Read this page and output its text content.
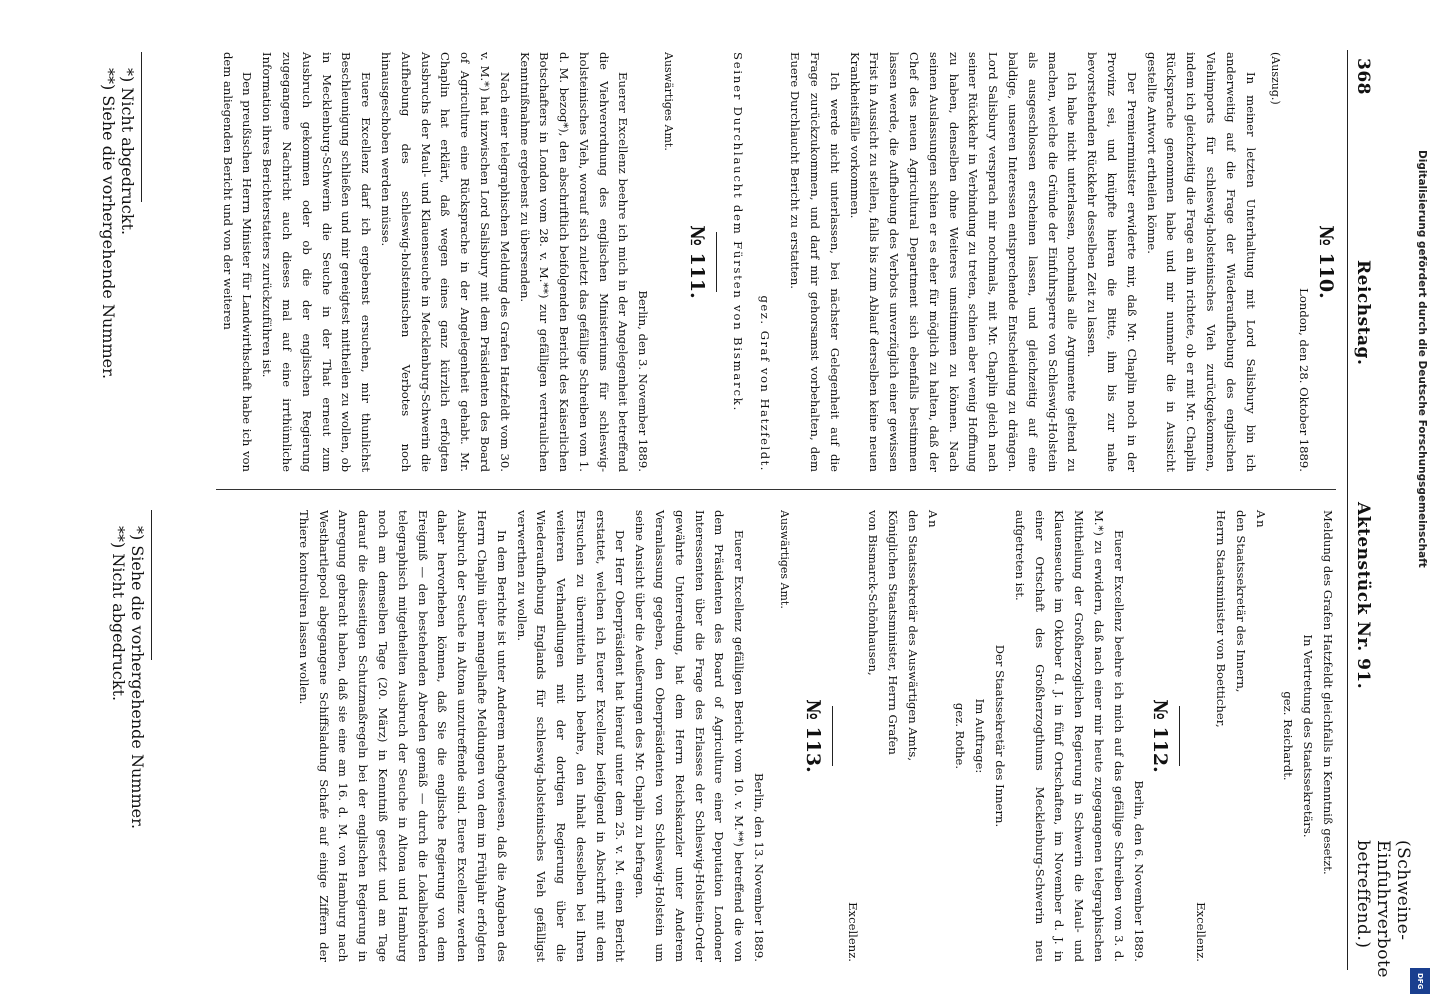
368
Reichstag.
Aktenstück Nr. 91.
(Schweine-Einfuhrverbote betreffend.)

№ 110.

London, den 28. Oktober 1889.

(Auszug.)

In meiner letzten Unterhaltung mit Lord Salisbury bin ich anderweitig auf die Frage der Wiederaufhebung des englischen Viehimports für schleswig-holsteinisches Vieh zurückgekommen, indem ich gleichzeitig die Frage an ihn richtete, ob er mit Mr. Chaplin Rücksprache genommen habe und mir nunmehr die in Aussicht gestellte Antwort ertheilen könne.

Der Premierminister erwiderte mir, daß Mr. Chaplin noch in der Provinz sei, und knüpfte hieran die Bitte, ihm bis zur nahe bevorstehenden Rückkehr desselben Zeit zu lassen.

Ich habe nicht unterlassen, nochmals alle Argumente geltend zu machen, welche die Gründe der Einfuhrsperre von Schleswig-Holstein als ausgeschlossen erscheinen lassen, und gleichzeitig auf eine baldige, unseren Interessen entsprechende Entscheidung zu drängen. Lord Salisbury versprach mir nochmals, mit Mr. Chaplin gleich nach seiner Rückkehr in Verbindung zu treten, schien aber wenig Hoffnung zu haben, denselben ohne Weiteres umstimmen zu können. Nach seinen Auslassungen schien er es eher für möglich zu halten, daß der Chef des neuen Agricultural Department sich ebenfalls bestimmen lassen werde, die Aufhebung des Verbots unverzüglich einer gewissen Frist in Aussicht zu stellen, falls bis zum Ablauf derselben keine neuen Krankheitsfälle vorkommen.

Ich werde nicht unterlassen, bei nächster Gelegenheit auf die Frage zurückzukommen, und darf mir gehorsamst vorbehalten, dem Euere Durchlaucht Bericht zu erstatten.

gez. Graf von Hatzfeldt.

Seiner Durchlaucht dem Fürsten von Bismarck.

№ 111.

Auswärtiges Amt.

Berlin, den 3. November 1889.

Euerer Excellenz beehre ich mich in der Angelegenheit betreffend die Viehverordnung des englischen Ministeriums für schleswig-holsteinisches Vieh, worauf sich zuletzt das gefällige Schreiben vom 1. d. M. bezog*), den abschriftlich beifolgenden Bericht des Kaiserlichen Botschafters in London vom 28. v. M.**) zur gefälligen vertraulichen Kenntnißnahme ergebenst zu übersenden.

Nach einer telegraphischen Meldung des Grafen Hatzfeldt vom 30. v. M.*) hat inzwischen Lord Salisbury mit dem Präsidenten des Board of Agriculture eine Rücksprache in der Angelegenheit gehabt. Mr. Chaplin hat erklärt, daß wegen eines ganz kürzlich erfolgten Ausbruchs der Maul- und Klauenseuche in Mecklenburg-Schwerin die Aufhebung des schleswig-holsteinischen Verbotes noch hinausgeschoben werden müsse.

Euere Excellenz darf ich ergebenst ersuchen, mir thunlichst Beschleunigung schließen und mir geneigtest mittheilen zu wollen, ob in Mecklenburg-Schwerin die Seuche in der That erneut zum Ausbruch gekommen oder ob die der englischen Regierung zugegangene Nachricht auch dieses mal auf eine irrthümliche Information ihres Berichterstatters zurückzuführen ist.

Den preußischen Herrn Minister für Landwirthschaft habe ich von dem anliegenden Bericht und von der weiteren

*) Nicht abgedruckt.

**) Siehe die vorhergehende Nummer.

Meldung des Grafen Hatzfeldt gleichfalls in Kenntniß gesetzt.

In Vertretung des Staatssekretärs.

gez. Reichardt.

An

den Staatssekretär des Innern,

Herrn Staatsminister von Boetticher,

Excellenz.

№ 112.

Berlin, den 6. November 1889.

Euerer Excellenz beehre ich mich auf das gefällige Schreiben vom 3. d. M.*) zu erwidern, daß nach einer mir heute zugegangenen telegraphischen Mittheilung der Großherzoglichen Regierung in Schwerin die Maul- und Klauenseuche im Oktober d. J. in fünf Ortschaften, im November d. J. in einer Ortschaft des Großherzogthums Mecklenburg-Schwerin neu aufgetreten ist.

Der Staatssekretär des Innern.

Im Auftrage:

gez. Rothe.

An

den Staatssekretär des Auswärtigen Amts,

Königlichen Staatsminister, Herrn Grafen

von Bismarck-Schönhausen,

Excellenz.

№ 113.

Auswärtiges Amt.

Berlin, den 13. November 1889.

Euerer Excellenz gefälligen Bericht vom 10. v. M.**) betreffend die von dem Präsidenten des Board of Agriculture einer Deputation Londoner Interessenten über die Frage des Erlasses der Schleswig-Holstein-Order gewährte Unterredung, hat dem Herrn Reichskanzler unter Anderem Veranlassung gegeben, den Oberpräsidenten von Schleswig-Holstein um seine Ansicht über die Aeußerungen des Mr. Chaplin zu befragen.

Der Herr Oberpräsident hat hierauf unter dem 25. v. M. einen Bericht erstattet, welchen ich Euerer Excellenz beifolgend in Abschrift mit dem Ersuchen zu übermitteln mich beehre, den Inhalt desselben bei Ihren weiteren Verhandlungen mit der dortigen Regierung über die Wiederaufhebung Englands für schleswig-holsteinisches Vieh gefälligst verwerthen zu wollen.

In dem Berichte ist unter Anderem nachgewiesen, daß die Angaben des Herrn Chaplin über mangelhafte Meldungen von dem im Frühjahr erfolgten Ausbruch der Seuche in Altona unzutreffende sind. Euere Excellenz werden daher hervorheben können, daß Sie die englische Regierung von dem Ereigniß — den bestehenden Abreden gemäß — durch die Lokalbehörden telegraphisch mitgetheilten Ausbruch der Seuche in Altona und Hamburg noch am demselben Tage (20. März) in Kenntniß gesetzt und am Tage darauf die diesseitigen Schutzmaßregeln bei der englischen Regierung in Anregung gebracht haben, daß sie eine am 16. d. M. von Hamburg nach Westhartlepool abgegangene Schiffsladung Schafe auf einige Ziffern der Thiere kontroliren lassen wollen.

*) Siehe die vorhergehende Nummer.

**) Nicht abgedruckt.

Digitalisierung gefördert durch die Deutsche Forschungsgemeinschaft
DFG
